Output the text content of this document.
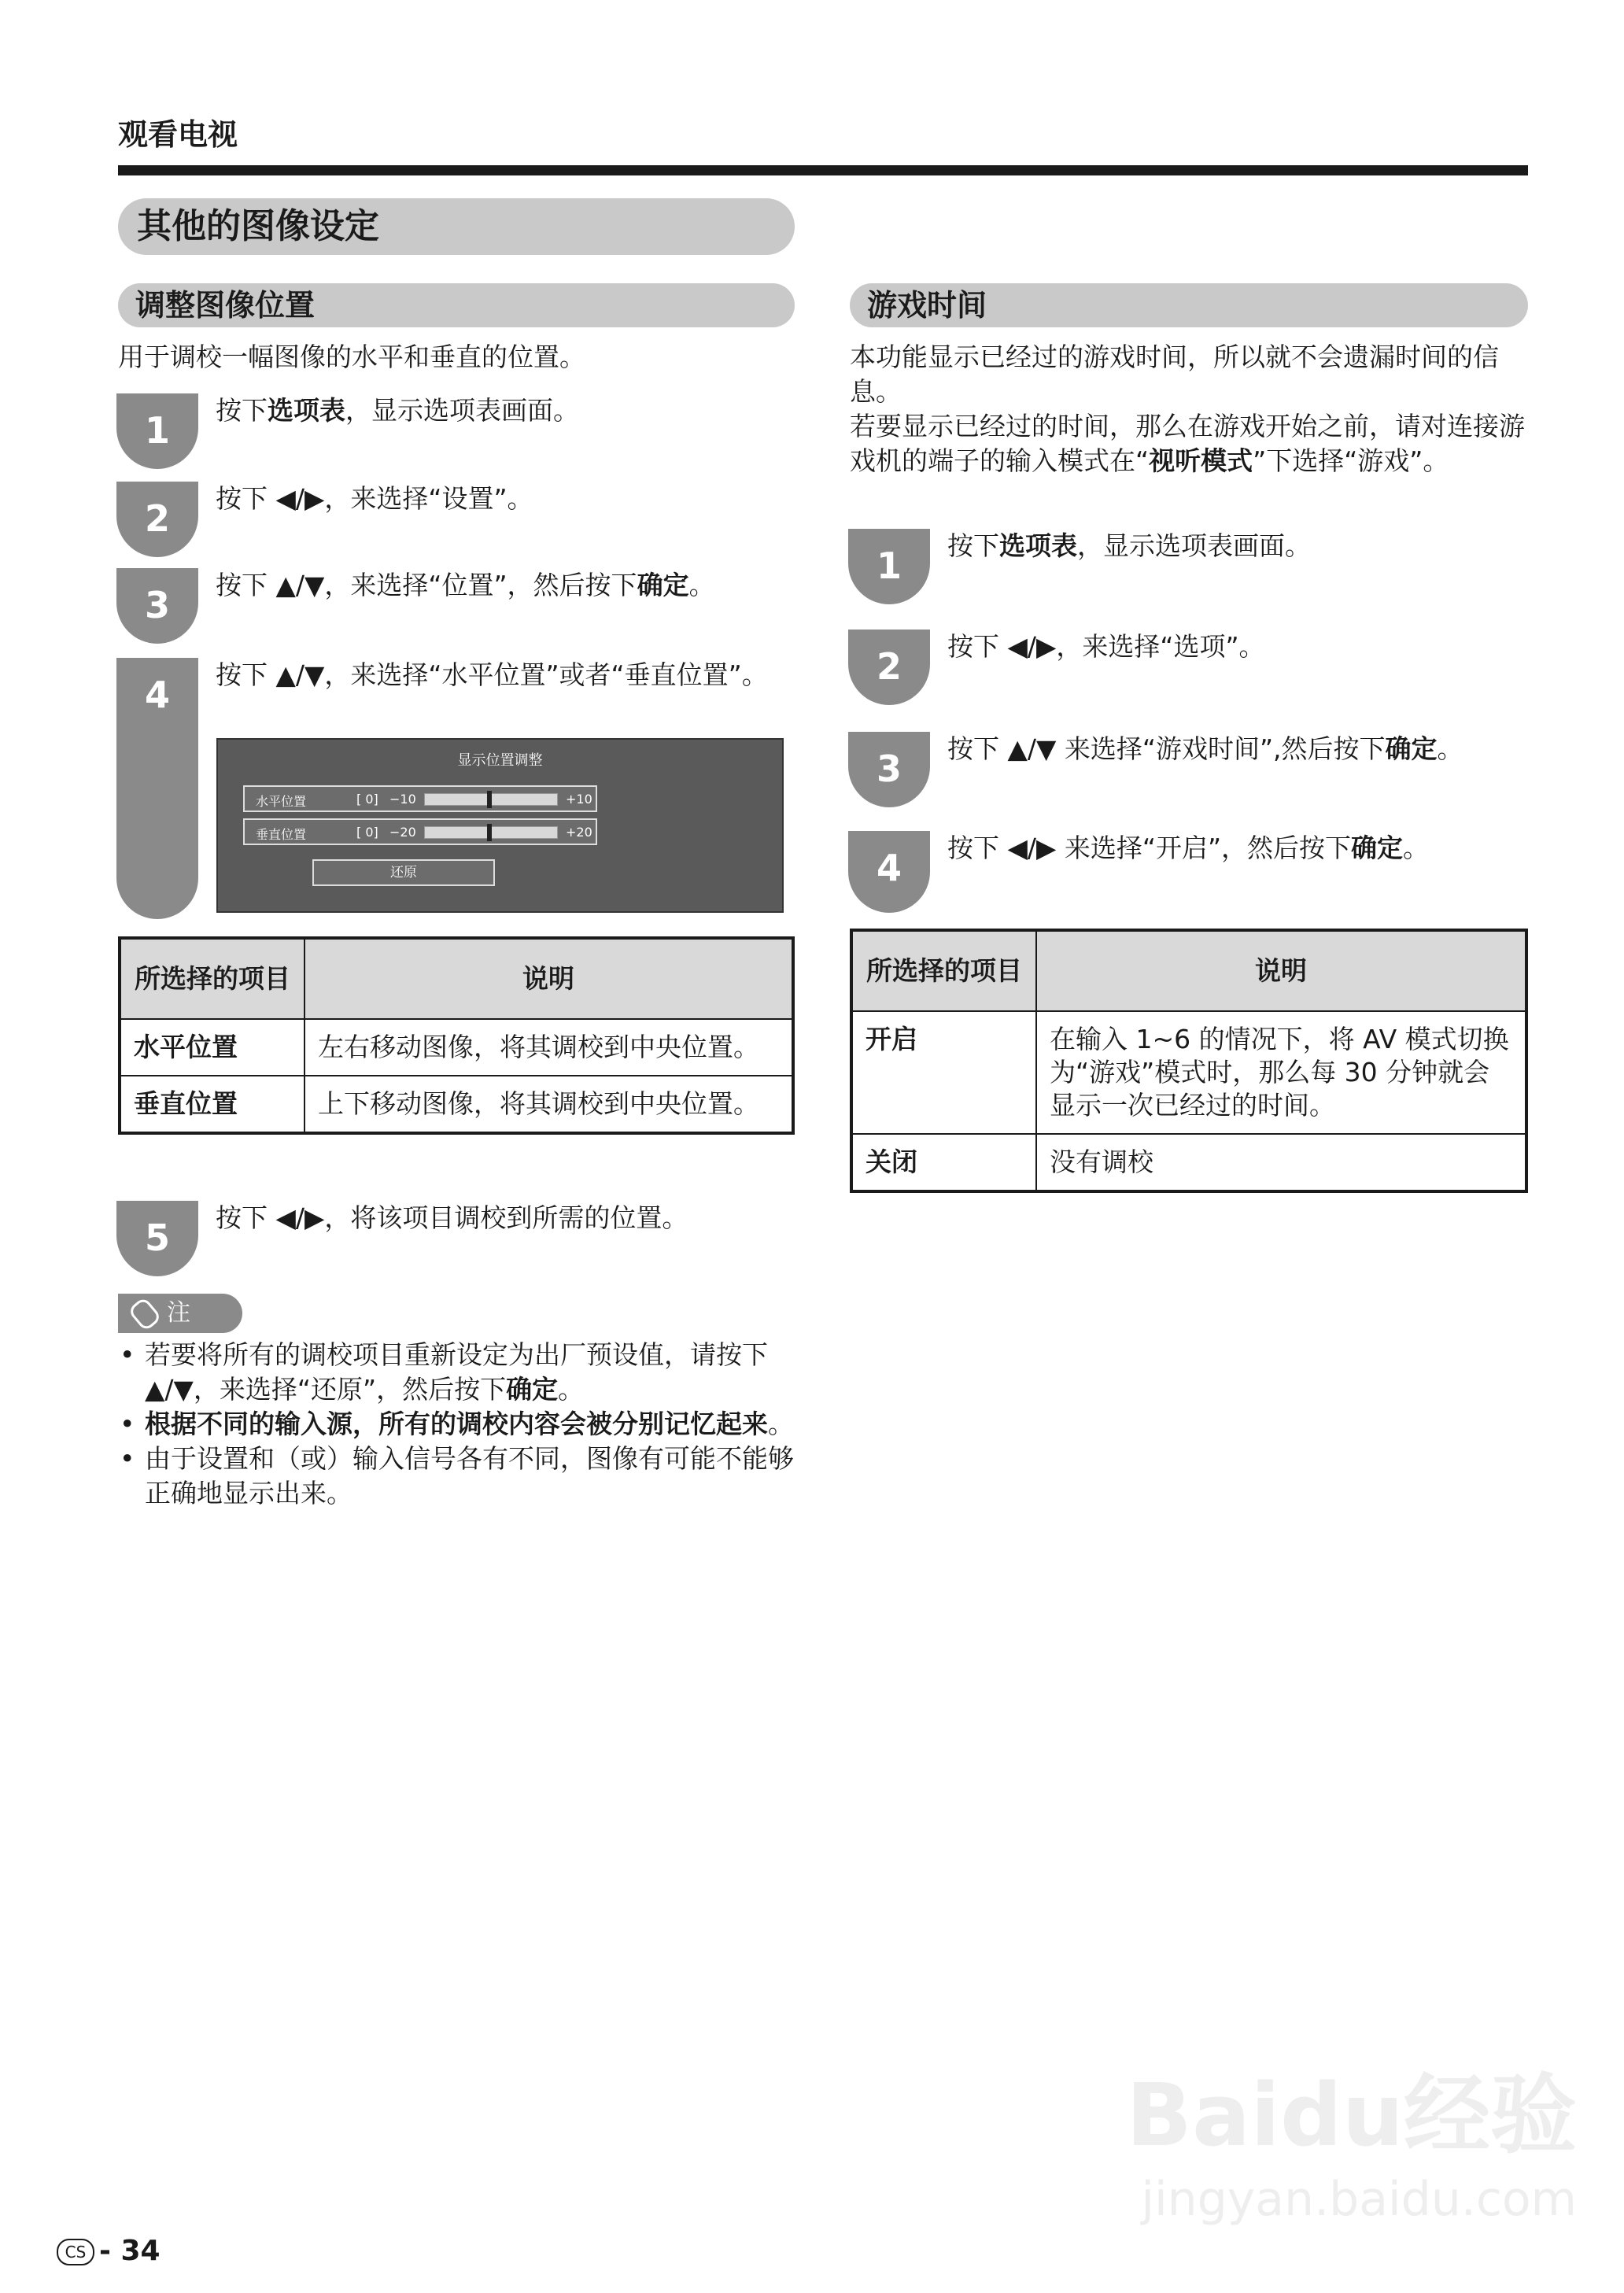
观看电视
其他的图像设定
调整图像位置
用于调校一幅图像的水平和垂直的位置。
1	按下选项表，显示选项表画面。
2	按下 ◀/▶，来选择“设置”。
3	按下 ▲/▼，来选择“位置”，然后按下确定。
4	按下 ▲/▼，来选择“水平位置”或者“垂直位置”。
显示位置调整
水平位置	[ 0] −10	+10
垂直位置	[ 0] −20	+20
还原
所选择的项目	说明
水平位置	左右移动图像，将其调校到中央位置。
垂直位置	上下移动图像，将其调校到中央位置。
5	按下 ◀/▶，将该项目调校到所需的位置。
注
• 若要将所有的调校项目重新设定为出厂预设值，请按下 ▲/▼，来选择“还原”，然后按下确定。
• 根据不同的输入源，所有的调校内容会被分别记忆起来。
• 由于设置和（或）输入信号各有不同，图像有可能不能够正确地显示出来。
游戏时间
本功能显示已经过的游戏时间，所以就不会遗漏时间的信息。
若要显示已经过的时间，那么在游戏开始之前，请对连接游戏机的端子的输入模式在“视听模式”下选择“游戏”。
1	按下选项表，显示选项表画面。
2	按下 ◀/▶，来选择“选项”。
3	按下 ▲/▼ 来选择“游戏时间”,然后按下确定。
4	按下 ◀/▶ 来选择“开启”，然后按下确定。
所选择的项目	说明
开启	在输入 1~6 的情况下，将 AV 模式切换为“游戏”模式时，那么每 30 分钟就会显示一次已经过的时间。
关闭	没有调校
CS - 34
Baidu经验
jingyan.baidu.com
